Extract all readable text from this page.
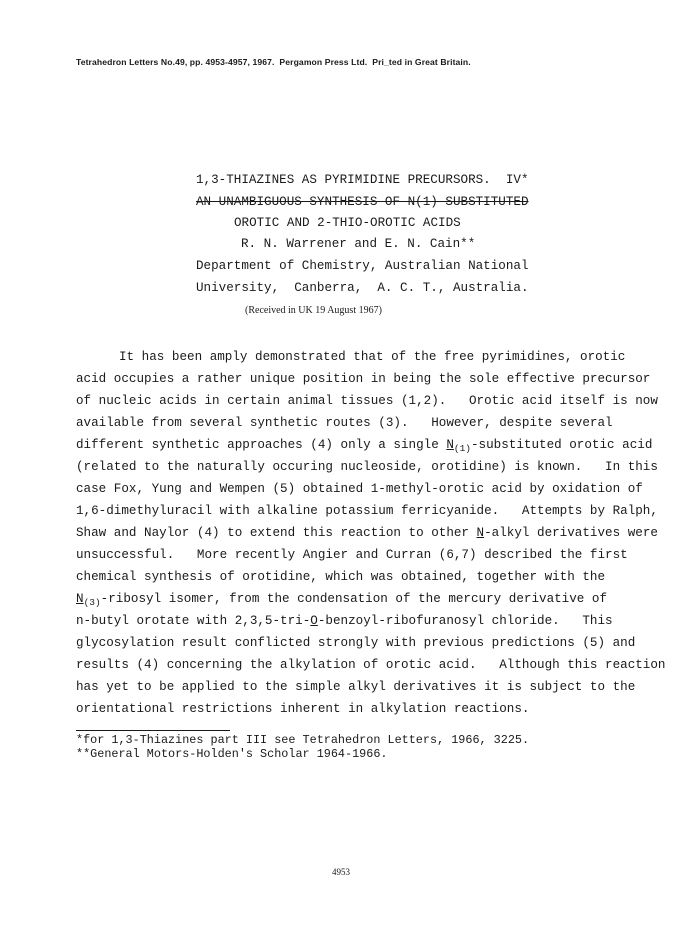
Tetrahedron Letters No.49, pp. 4953-4957, 1967.  Pergamon Press Ltd.  Pri_ted in Great Britain.
1,3-THIAZINES AS PYRIMIDINE PRECURSORS.  IV*
AN UNAMBIGUOUS SYNTHESIS OF N(1)-SUBSTITUTED
OROTIC AND 2-THIO-OROTIC ACIDS
R. N. Warrener and E. N. Cain**
Department of Chemistry, Australian National
University,  Canberra,  A. C. T., Australia.
(Received in UK 19 August 1967)
It has been amply demonstrated that of the free pyrimidines, orotic
acid occupies a rather unique position in being the sole effective precursor
of nucleic acids in certain animal tissues (1,2).   Orotic acid itself is now
available from several synthetic routes (3).   However, despite several
different synthetic approaches (4) only a single $N_{(1)}$-substituted orotic acid
(related to the naturally occuring nucleoside, orotidine) is known.   In this
case Fox, Yung and Wempen (5) obtained 1-methyl-orotic acid by oxidation of
1,6-dimethyluracil with alkaline potassium ferricyanide.   Attempts by Ralph,
Shaw and Naylor (4) to extend this reaction to other N-alkyl derivatives were
unsuccessful.   More recently Angier and Curran (6,7) described the first
chemical synthesis of orotidine, which was obtained, together with the
$N_{(3)}$-ribosyl isomer, from the condensation of the mercury derivative of
n-butyl orotate with 2,3,5-tri-O-benzoyl-ribofuranosyl chloride.   This
glycosylation result conflicted strongly with previous predictions (5) and
results (4) concerning the alkylation of orotic acid.   Although this reaction
has yet to be applied to the simple alkyl derivatives it is subject to the
orientational restrictions inherent in alkylation reactions.
*for 1,3-Thiazines part III see Tetrahedron Letters, 1966, 3225.
**General Motors-Holden's Scholar 1964-1966.
4953
